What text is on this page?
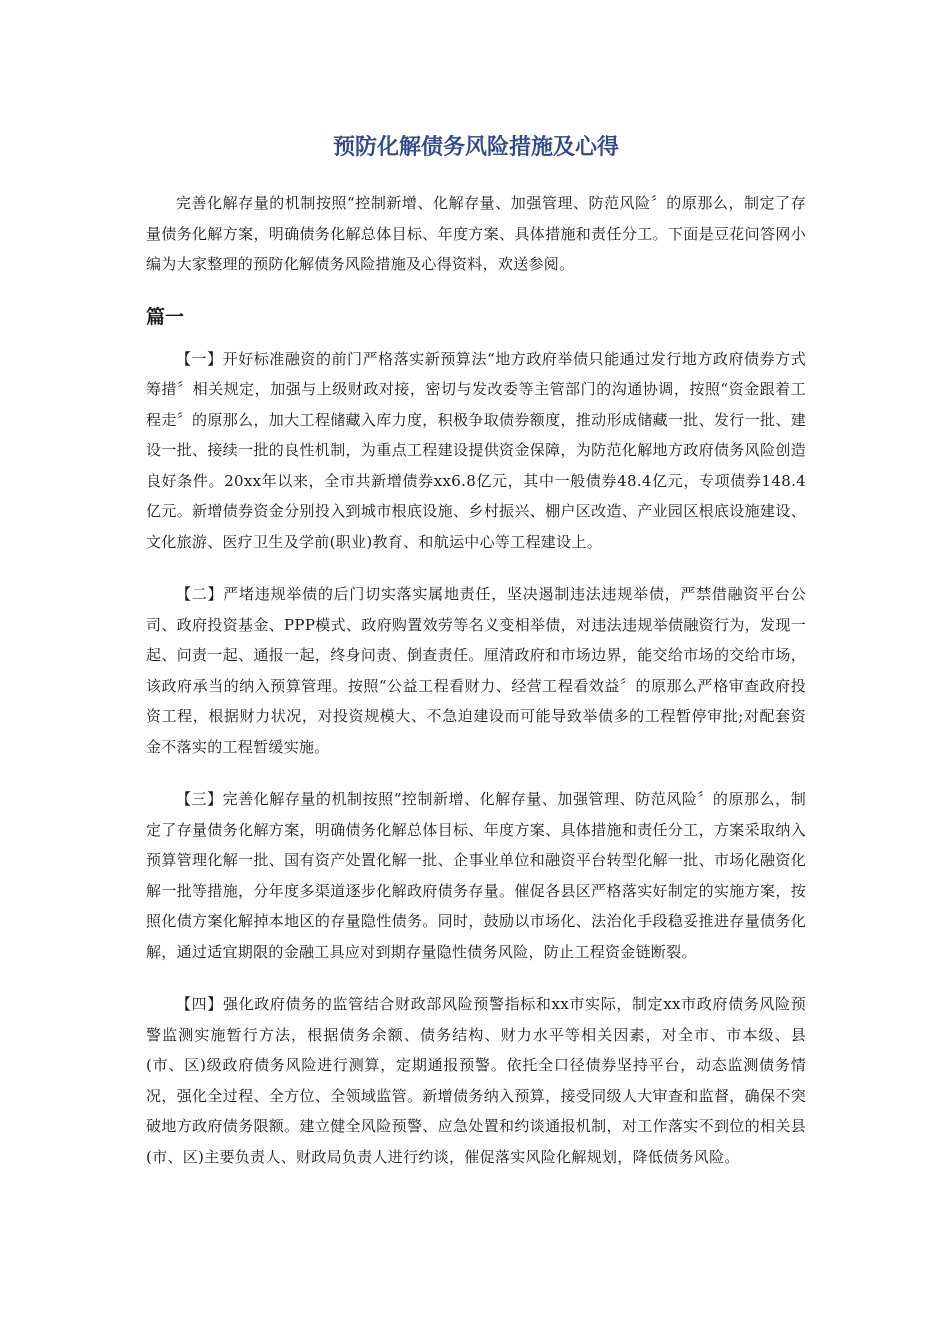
预防化解债务风险措施及心得

完善化解存量的机制按照“控制新增、化解存量、加强管理、防范风险〞的原那么，制定了存量债务化解方案，明确债务化解总体目标、年度方案、具体措施和责任分工。下面是豆花问答网小编为大家整理的预防化解债务风险措施及心得资料，欢送参阅。

篇一

【一】开好标准融资的前门严格落实新预算法“地方政府举债只能通过发行地方政府债券方式筹措〞相关规定，加强与上级财政对接，密切与发改委等主管部门的沟通协调，按照“资金跟着工程走〞的原那么，加大工程储藏入库力度，积极争取债券额度，推动形成储藏一批、发行一批、建设一批、接续一批的良性机制，为重点工程建设提供资金保障，为防范化解地方政府债务风险创造良好条件。20xx年以来，全市共新增债券xx6.8亿元，其中一般债券48.4亿元，专项债券148.4亿元。新增债券资金分别投入到城市根底设施、乡村振兴、棚户区改造、产业园区根底设施建设、文化旅游、医疗卫生及学前(职业)教育、和航运中心等工程建设上。

【二】严堵违规举债的后门切实落实属地责任，坚决遏制违法违规举债，严禁借融资平台公司、政府投资基金、PPP模式、政府购置效劳等名义变相举债，对违法违规举债融资行为，发现一起、问责一起、通报一起，终身问责、倒查责任。厘清政府和市场边界，能交给市场的交给市场，该政府承当的纳入预算管理。按照“公益工程看财力、经营工程看效益〞的原那么严格审查政府投资工程，根据财力状况，对投资规模大、不急迫建设而可能导致举债多的工程暂停审批;对配套资金不落实的工程暂缓实施。

【三】完善化解存量的机制按照“控制新增、化解存量、加强管理、防范风险〞的原那么，制定了存量债务化解方案，明确债务化解总体目标、年度方案、具体措施和责任分工，方案采取纳入预算管理化解一批、国有资产处置化解一批、企事业单位和融资平台转型化解一批、市场化融资化解一批等措施，分年度多渠道逐步化解政府债务存量。催促各县区严格落实好制定的实施方案，按照化债方案化解掉本地区的存量隐性债务。同时，鼓励以市场化、法治化手段稳妥推进存量债务化解，通过适宜期限的金融工具应对到期存量隐性债务风险，防止工程资金链断裂。

【四】强化政府债务的监管结合财政部风险预警指标和xx市实际，制定xx市政府债务风险预警监测实施暂行方法，根据债务余额、债务结构、财力水平等相关因素，对全市、市本级、县(市、区)级政府债务风险进行测算，定期通报预警。依托全口径债券坚持平台，动态监测债务情况，强化全过程、全方位、全领域监管。新增债务纳入预算，接受同级人大审查和监督，确保不突破地方政府债务限额。建立健全风险预警、应急处置和约谈通报机制，对工作落实不到位的相关县(市、区)主要负责人、财政局负责人进行约谈，催促落实风险化解规划，降低债务风险。
